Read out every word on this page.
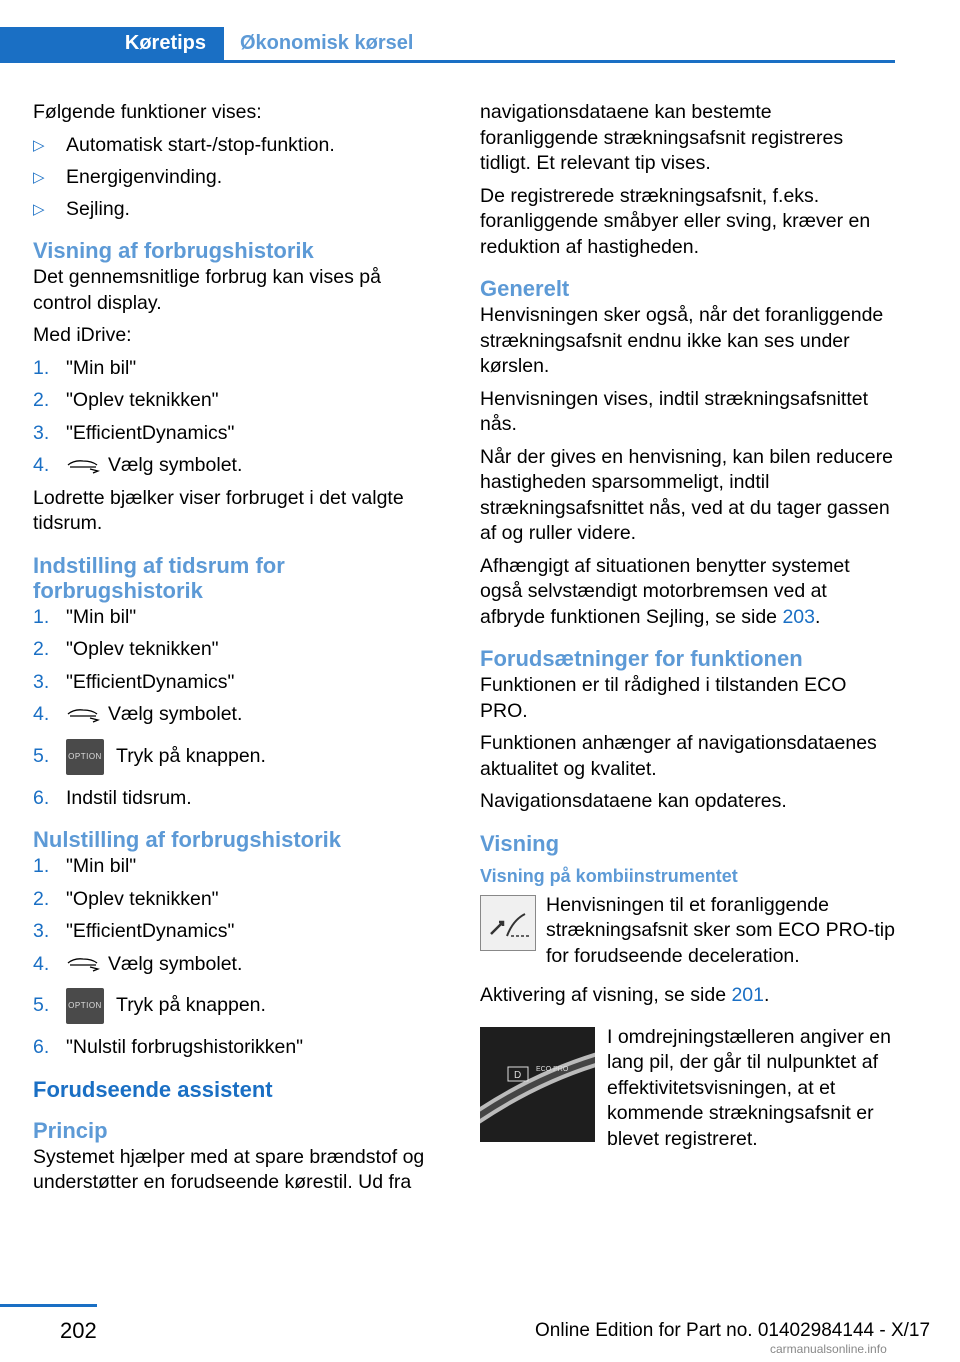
Køretips	Økonomisk kørsel

Følgende funktioner vises:

▷ Automatisk start-/stop-funktion.
▷ Energigenvinding.
▷ Sejling.
Visning af forbrugshistorik

Det gennemsnitlige forbrug kan vises på control display.

Med iDrive:

1. "Min bil"
2. "Oplev teknikken"
3. "EfficientDynamics"
4.	Vælg symbolet.

Lodrette bjælker viser forbruget i det valgte tidsrum.

Indstilling af tidsrum for forbrugshistorik
1. "Min bil"
2. "Oplev teknikken"
3. "EfficientDynamics"
4.	Vælg symbolet.
5. OPTION Tryk på knappen.
6. Indstil tidsrum.
Nulstilling af forbrugshistorik
1. "Min bil"
2. "Oplev teknikken"
3. "EfficientDynamics"
4.	Vælg symbolet.
5. OPTION Tryk på knappen.
6. "Nulstil forbrugshistorikken"
Forudseende assistent
Princip

Systemet hjælper med at spare brændstof og understøtter en forudseende kørestil. Ud fra

navigationsdataene kan bestemte foranliggende strækningsafsnit registreres tidligt. Et relevant tip vises.

De registrerede strækningsafsnit, f.eks. foranliggende småbyer eller sving, kræver en reduktion af hastigheden.

Generelt

Henvisningen sker også, når det foranliggende strækningsafsnit endnu ikke kan ses under kørslen.

Henvisningen vises, indtil strækningsafsnittet nås.

Når der gives en henvisning, kan bilen reducere hastigheden sparsommeligt, indtil strækningsafsnittet nås, ved at du tager gassen af og ruller videre.

Afhængigt af situationen benytter systemet også selvstændigt motorbremsen ved at afbryde funktionen Sejling, se side 203.

Forudsætninger for funktionen

Funktionen er til rådighed i tilstanden ECO PRO.

Funktionen anhænger af navigationsdataenes aktualitet og kvalitet.

Navigationsdataene kan opdateres.

Visning
Visning på kombiinstrumentet

Henvisningen til et foranliggende strækningsafsnit sker som ECO PRO-tip for forudseende deceleration.

Aktivering af visning, se side 201.

D
ECO PRO
I omdrejningstælleren angiver en lang pil, der går til nulpunktet af effektivitetsvisningen, at et kommende strækningsafsnit er blevet registreret.
202	Online Edition for Part no. 01402984144 - X/17
carmanualsonline.info
